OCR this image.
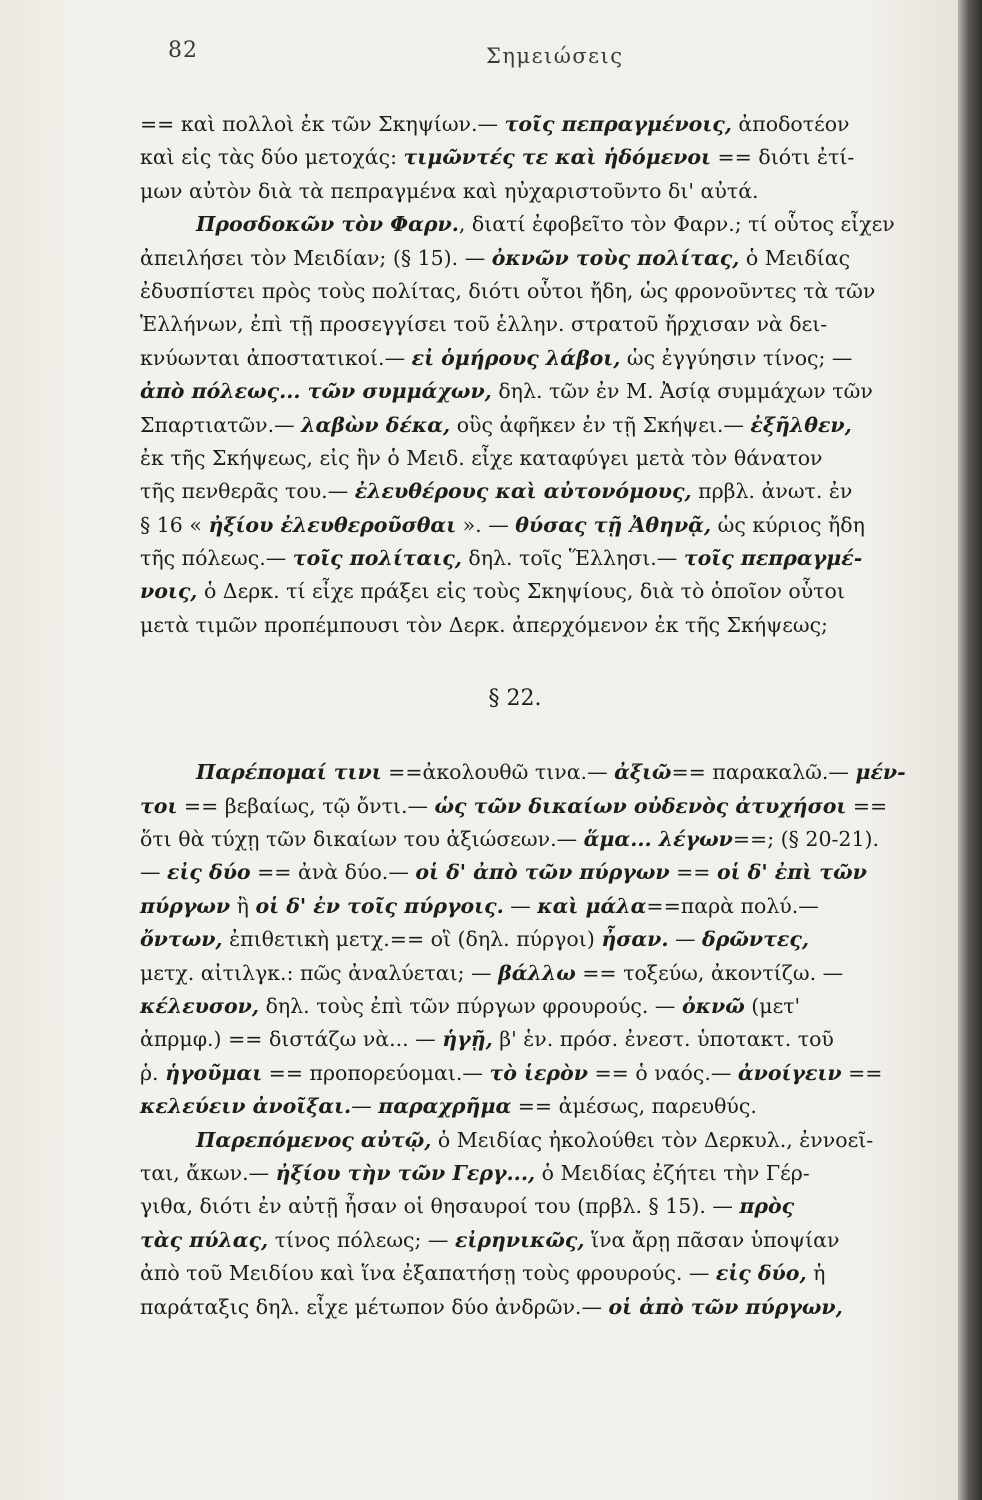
82	Σημειώσεις
== καὶ πολλοὶ ἐκ τῶν Σκηψίων.— τοῖς πεπραγμένοις, ἀποδοτέον
καὶ εἰς τὰς δύο μετοχάς: τιμῶντές τε καὶ ἡδόμενοι == διότι ἐτί-
μων αὐτὸν διὰ τὰ πεπραγμένα καὶ ηὐχαριστοῦντο δι' αὐτά.
Προσδοκῶν τὸν Φαρν., διατί ἐφοβεῖτο τὸν Φαρν.; τί οὗτος εἶχεν
ἀπειλήσει τὸν Μειδίαν; (§ 15). — ὀκνῶν τοὺς πολίτας, ὁ Μειδίας
ἐδυσπίστει πρὸς τοὺς πολίτας, διότι οὗτοι ἤδη, ὡς φρονοῦντες τὰ τῶν
Ἑλλήνων, ἐπὶ τῇ προσεγγίσει τοῦ ἑλλην. στρατοῦ ἤρχισαν νὰ δει-
κνύωνται ἀποστατικοί.— εἰ ὁμήρους λάβοι, ὡς ἐγγύησιν τίνος; —
ἀπὸ πόλεως... τῶν συμμάχων, δηλ. τῶν ἐν Μ. Ἀσίᾳ συμμάχων τῶν
Σπαρτιατῶν.— λαβὼν δέκα, οὓς ἀφῆκεν ἐν τῇ Σκήψει.— ἐξῆλθεν,
ἐκ τῆς Σκήψεως, εἰς ἣν ὁ Μειδ. εἶχε καταφύγει μετὰ τὸν θάνατον
τῆς πενθερᾶς του.— ἐλευθέρους καὶ αὐτονόμους, πρβλ. ἀνωτ. ἐν
§ 16 « ἠξίου ἐλευθεροῦσθαι ». — θύσας τῇ Ἀθηνᾷ, ὡς κύριος ἤδη
τῆς πόλεως.— τοῖς πολίταις, δηλ. τοῖς Ἕλλησι.— τοῖς πεπραγμέ-
νοις, ὁ Δερκ. τί εἶχε πράξει εἰς τοὺς Σκηψίους, διὰ τὸ ὁποῖον οὗτοι
μετὰ τιμῶν προπέμπουσι τὸν Δερκ. ἀπερχόμενον ἐκ τῆς Σκήψεως;
§ 22.
Παρέπομαί τινι ==ἀκολουθῶ τινα.— ἀξιῶ== παρακαλῶ.— μέν-
τοι == βεβαίως, τῷ ὄντι.— ὡς τῶν δικαίων οὐδενὸς ἀτυχήσοι ==
ὅτι θὰ τύχῃ τῶν δικαίων του ἀξιώσεων.— ἅμα... λέγων==; (§ 20-21).
— εἰς δύο == ἀνὰ δύο.— οἱ δ' ἀπὸ τῶν πύργων == οἱ δ' ἐπὶ τῶν
πύργων ἢ οἱ δ' ἐν τοῖς πύργοις. — καὶ μάλα==παρὰ πολύ.—
ὄντων, ἐπιθετικὴ μετχ.== οἳ (δηλ. πύργοι) ἦσαν. — δρῶντες,
μετχ. αἰτιλγκ.: πῶς ἀναλύεται; — βάλλω == τοξεύω, ἀκοντίζω. —
κέλευσον, δηλ. τοὺς ἐπὶ τῶν πύργων φρουρούς. — ὀκνῶ (μετ'
ἀπρμφ.) == διστάζω νὰ... — ἡγῇ, β' ἑν. πρόσ. ἐνεστ. ὑποτακτ. τοῦ
ῥ. ἡγοῦμαι == προπορεύομαι.— τὸ ἱερὸν == ὁ ναός.— ἀνοίγειν ==
κελεύειν ἀνοῖξαι.— παραχρῆμα == ἀμέσως, παρευθύς.
Παρεπόμενος αὐτῷ, ὁ Μειδίας ἠκολούθει τὸν Δερκυλ., ἐννοεῖ-
ται, ἄκων.— ἠξίου τὴν τῶν Γεργ..., ὁ Μειδίας ἐζήτει τὴν Γέρ-
γιθα, διότι ἐν αὐτῇ ἦσαν οἱ θησαυροί του (πρβλ. § 15). — πρὸς
τὰς πύλας, τίνος πόλεως; — εἰρηνικῶς, ἵνα ἄρῃ πᾶσαν ὑποψίαν
ἀπὸ τοῦ Μειδίου καὶ ἵνα ἐξαπατήσῃ τοὺς φρουρούς. — εἰς δύο, ἡ
παράταξις δηλ. εἶχε μέτωπον δύο ἀνδρῶν.— οἱ ἀπὸ τῶν πύργων,
